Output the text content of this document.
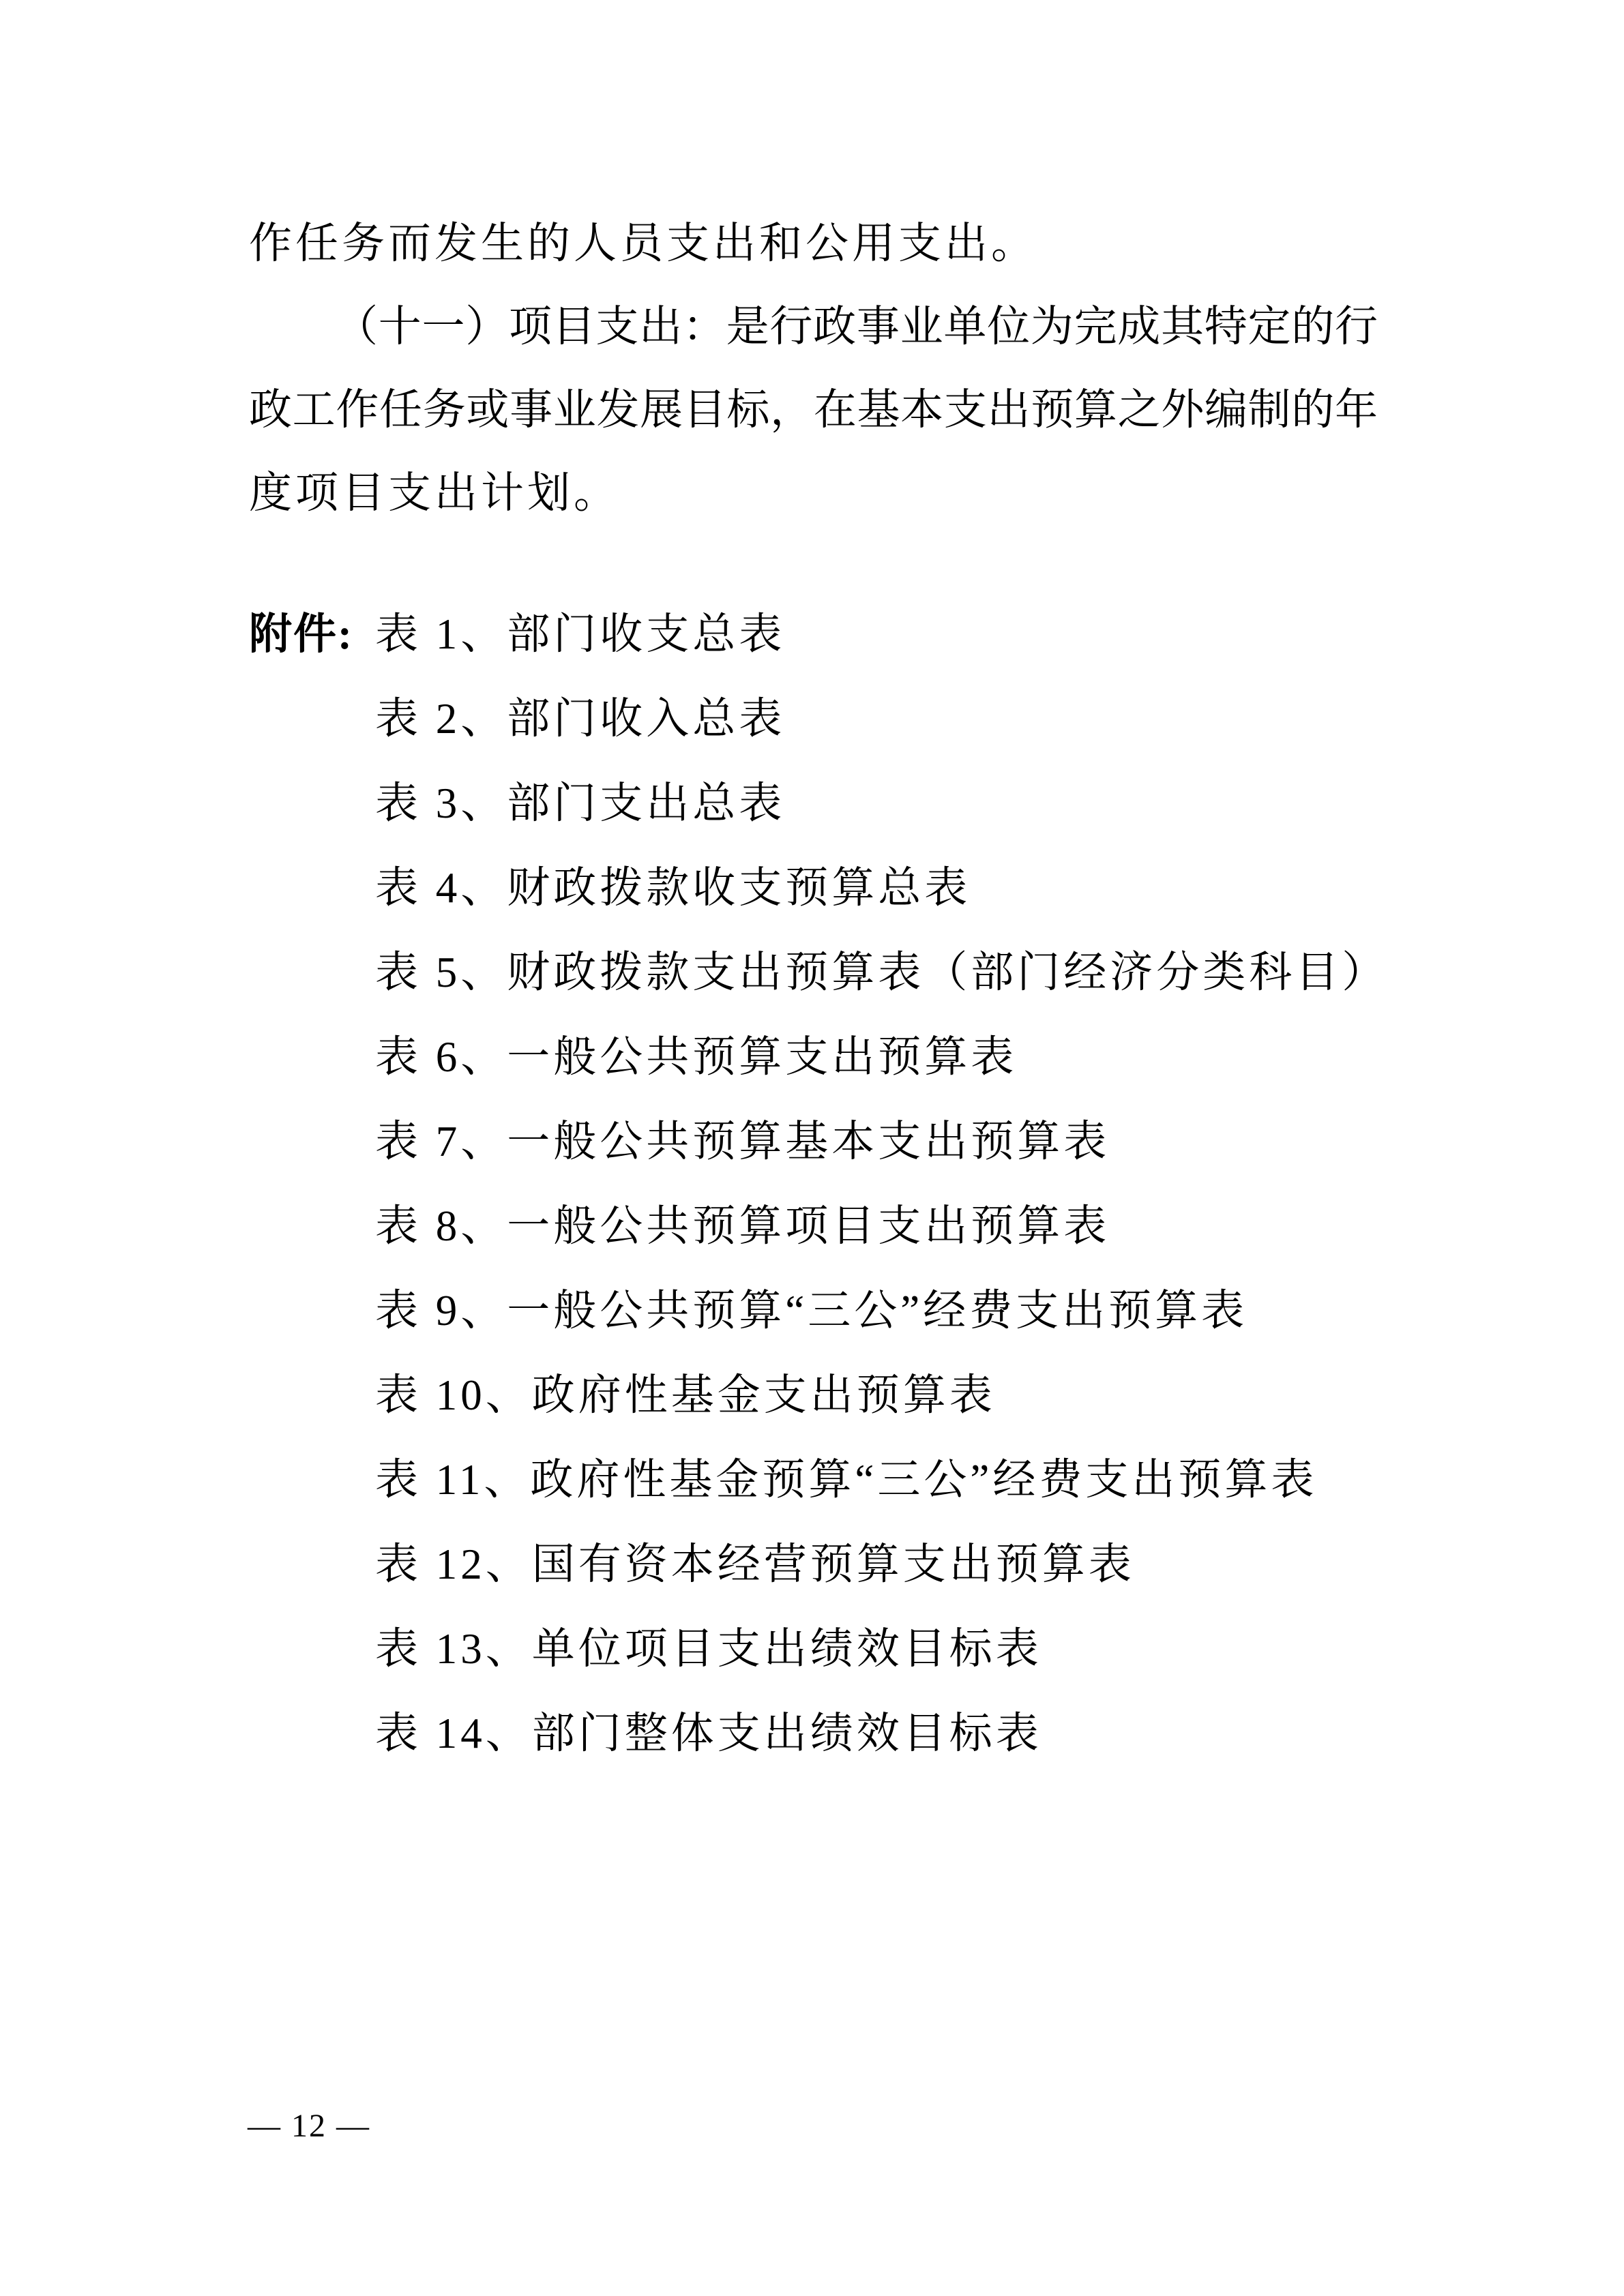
作任务而发生的人员支出和公用支出。
（十一）项目支出：是行政事业单位为完成其特定的行
政工作任务或事业发展目标，在基本支出预算之外编制的年
度项目支出计划。
附件: 表 1、部门收支总表
表 2、部门收入总表
表 3、部门支出总表
表 4、财政拨款收支预算总表
表 5、财政拨款支出预算表（部门经济分类科目）
表 6、一般公共预算支出预算表
表 7、一般公共预算基本支出预算表
表 8、一般公共预算项目支出预算表
表 9、一般公共预算“三公”经费支出预算表
表 10、政府性基金支出预算表
表 11、政府性基金预算“三公”经费支出预算表
表 12、国有资本经营预算支出预算表
表 13、单位项目支出绩效目标表
表 14、部门整体支出绩效目标表
— 12 —
